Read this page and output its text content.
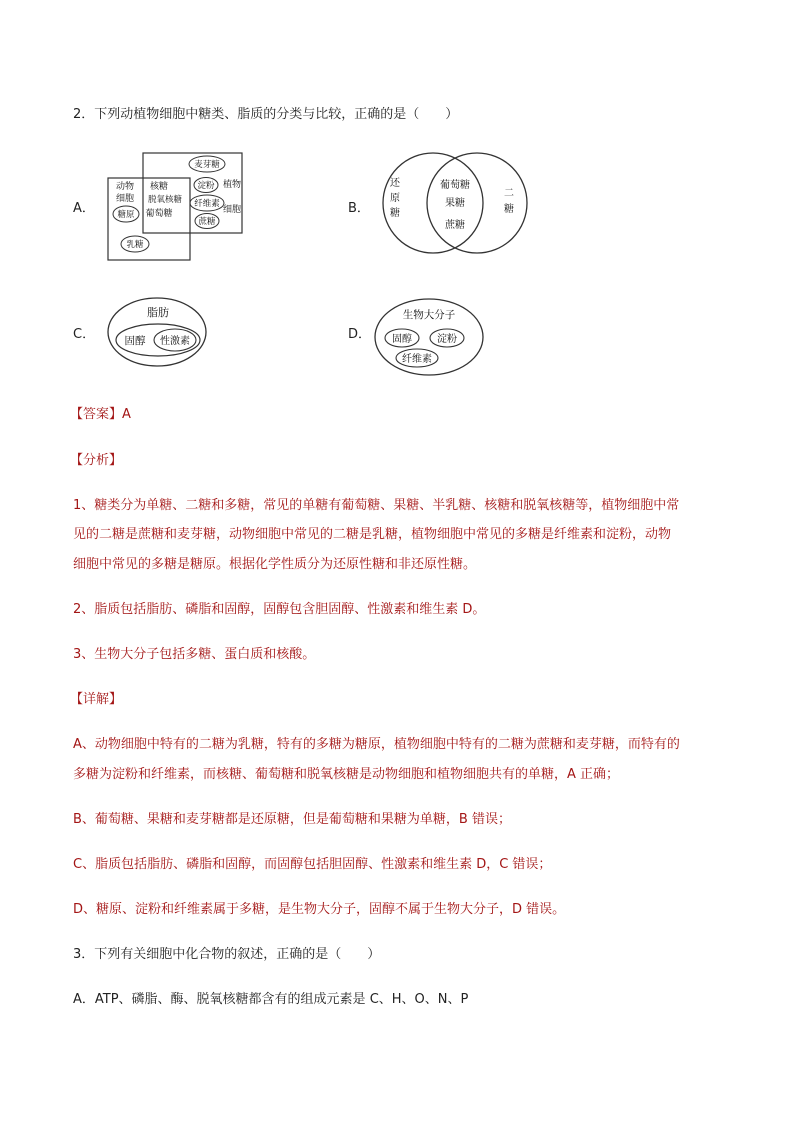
2．下列动植物细胞中糖类、脂质的分类与比较，正确的是（　　）
A．
动物
细胞
糖原
核糖
脱氧核糖
葡萄糖
乳糖
麦芽糖
淀粉
纤维素
蔗糖
植物
细胞	B．
还
原
糖
葡萄糖
果糖
蔗糖
二
糖
C．
脂肪
固醇 性激素	D．
生物大分子
固醇	淀粉
纤维素
【答案】A
【分析】
1、糖类分为单糖、二糖和多糖，常见的单糖有葡萄糖、果糖、半乳糖、核糖和脱氧核糖等，植物细胞中常
见的二糖是蔗糖和麦芽糖，动物细胞中常见的二糖是乳糖，植物细胞中常见的多糖是纤维素和淀粉，动物
细胞中常见的多糖是糖原。根据化学性质分为还原性糖和非还原性糖。
2、脂质包括脂肪、磷脂和固醇，固醇包含胆固醇、性激素和维生素 D。
3、生物大分子包括多糖、蛋白质和核酸。
【详解】
A、动物细胞中特有的二糖为乳糖，特有的多糖为糖原，植物细胞中特有的二糖为蔗糖和麦芽糖，而特有的
多糖为淀粉和纤维素，而核糖、葡萄糖和脱氧核糖是动物细胞和植物细胞共有的单糖，A 正确；
B、葡萄糖、果糖和麦芽糖都是还原糖，但是葡萄糖和果糖为单糖，B 错误；
C、脂质包括脂肪、磷脂和固醇，而固醇包括胆固醇、性激素和维生素 D，C 错误；
D、糖原、淀粉和纤维素属于多糖，是生物大分子，固醇不属于生物大分子，D 错误。
3．下列有关细胞中化合物的叙述，正确的是（　　）
A．ATP、磷脂、酶、脱氧核糖都含有的组成元素是 C、H、O、N、P
